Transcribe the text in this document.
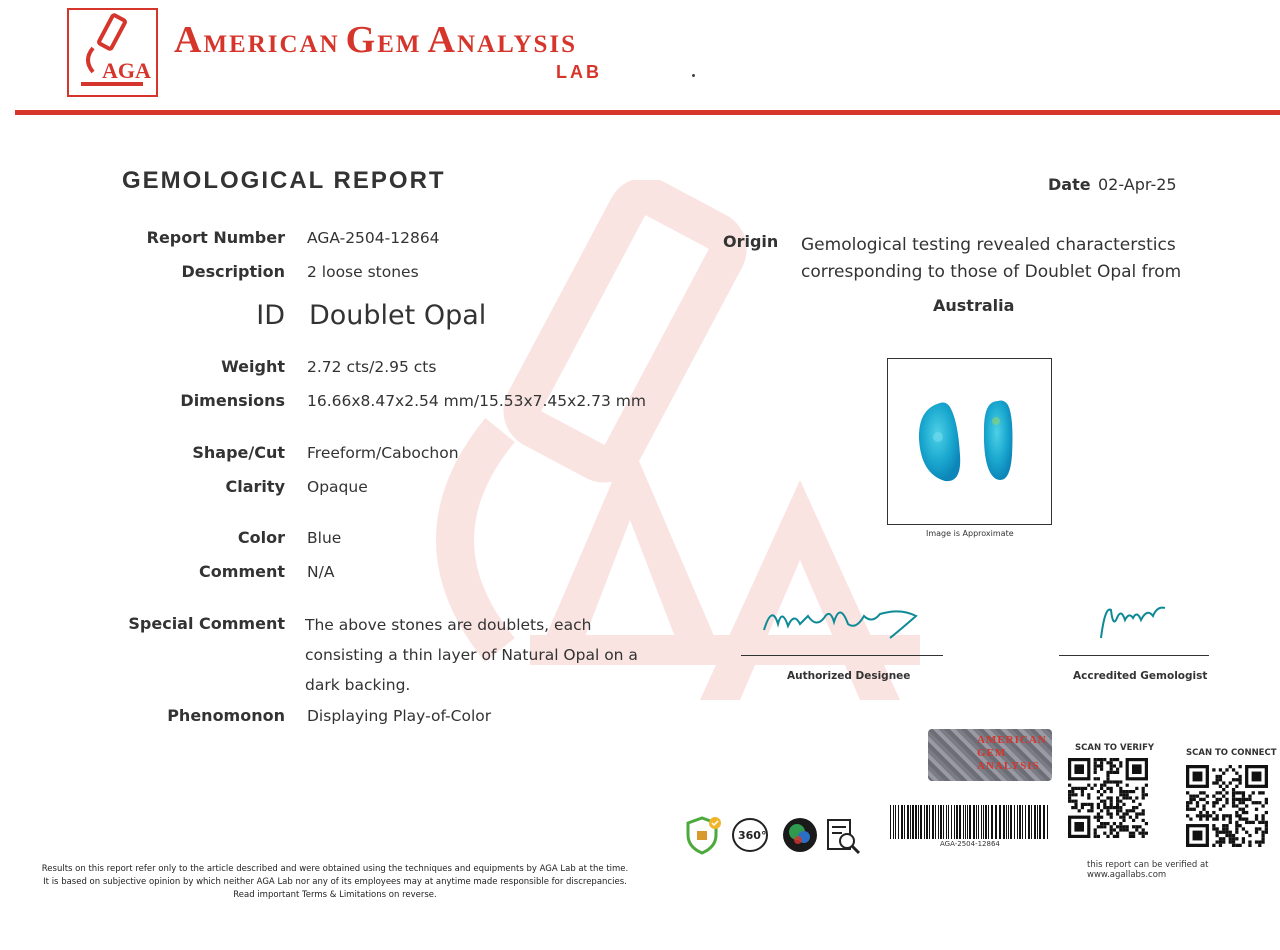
AGA
AMERICAN GEM ANALYSIS
LAB
GEMOLOGICAL REPORT	Date 02-Apr-25
Report Number AGA-2504-12864
Description 2 loose stones
ID Doublet Opal
Weight 2.72 cts/2.95 cts
Dimensions 16.66x8.47x2.54 mm/15.53x7.45x2.73 mm
Shape/Cut Freeform/Cabochon
Clarity Opaque
Color Blue
Comment N/A
Special Comment The above stones are doublets, each consisting a thin layer of Natural Opal on a dark backing.
Phenomonon Displaying Play-of-Color
Origin Gemological testing revealed characterstics corresponding to those of Doublet Opal from
Australia
Image is Approximate
Authorized Designee	Accredited Gemologist
AMERICAN
GEM
ANALYSIS
360°
AGA-2504-12864
SCAN TO VERIFY	SCAN TO CONNECT
this report can be verified at www.agallabs.com
Results on this report refer only to the article described and were obtained using the techniques and equipments by AGA Lab at the time.
It is based on subjective opinion by which neither AGA Lab nor any of its employees may at anytime made responsible for discrepancies.
Read important Terms & Limitations on reverse.
